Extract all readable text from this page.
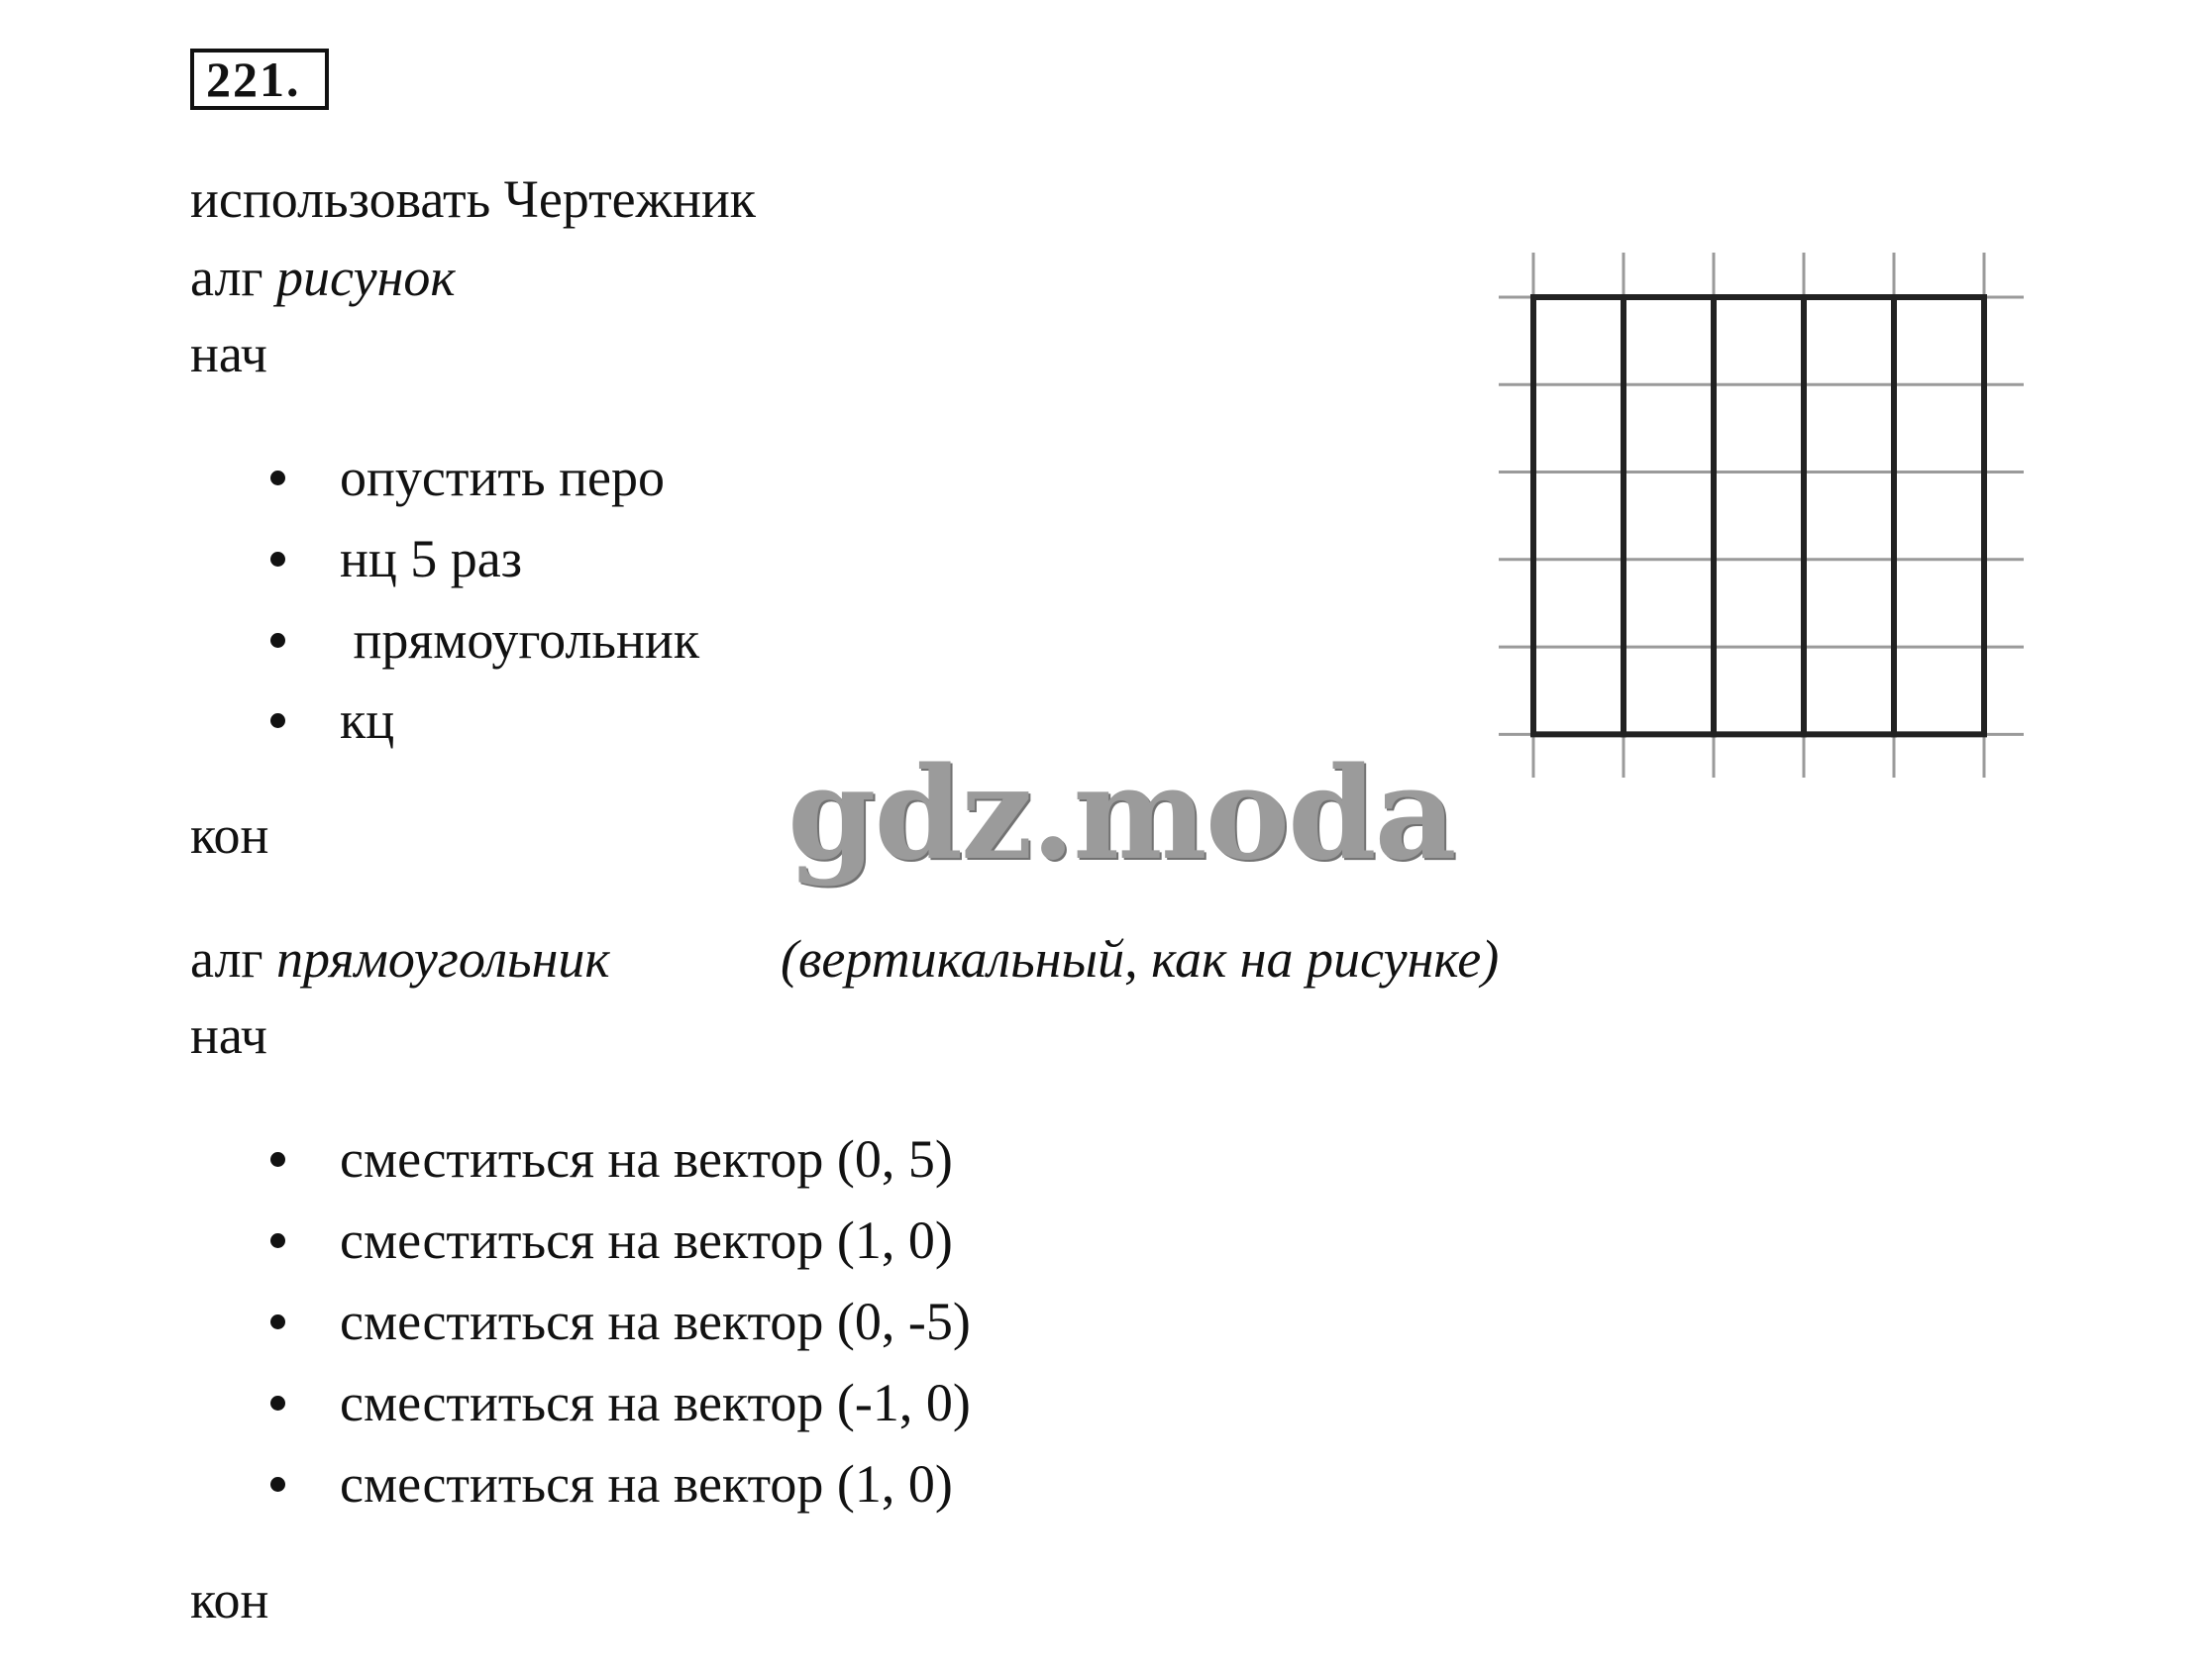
221.
использовать Чертежник
алг рисунок
нач
опустить перо
нц 5 раз
прямоугольник
кц
кон	gdz.moda
алг прямоугольник	(вертикальный, как на рисунке)
нач
сместиться на вектор (0, 5)
сместиться на вектор (1, 0)
сместиться на вектор (0, -5)
сместиться на вектор (-1, 0)
сместиться на вектор (1, 0)
кон
